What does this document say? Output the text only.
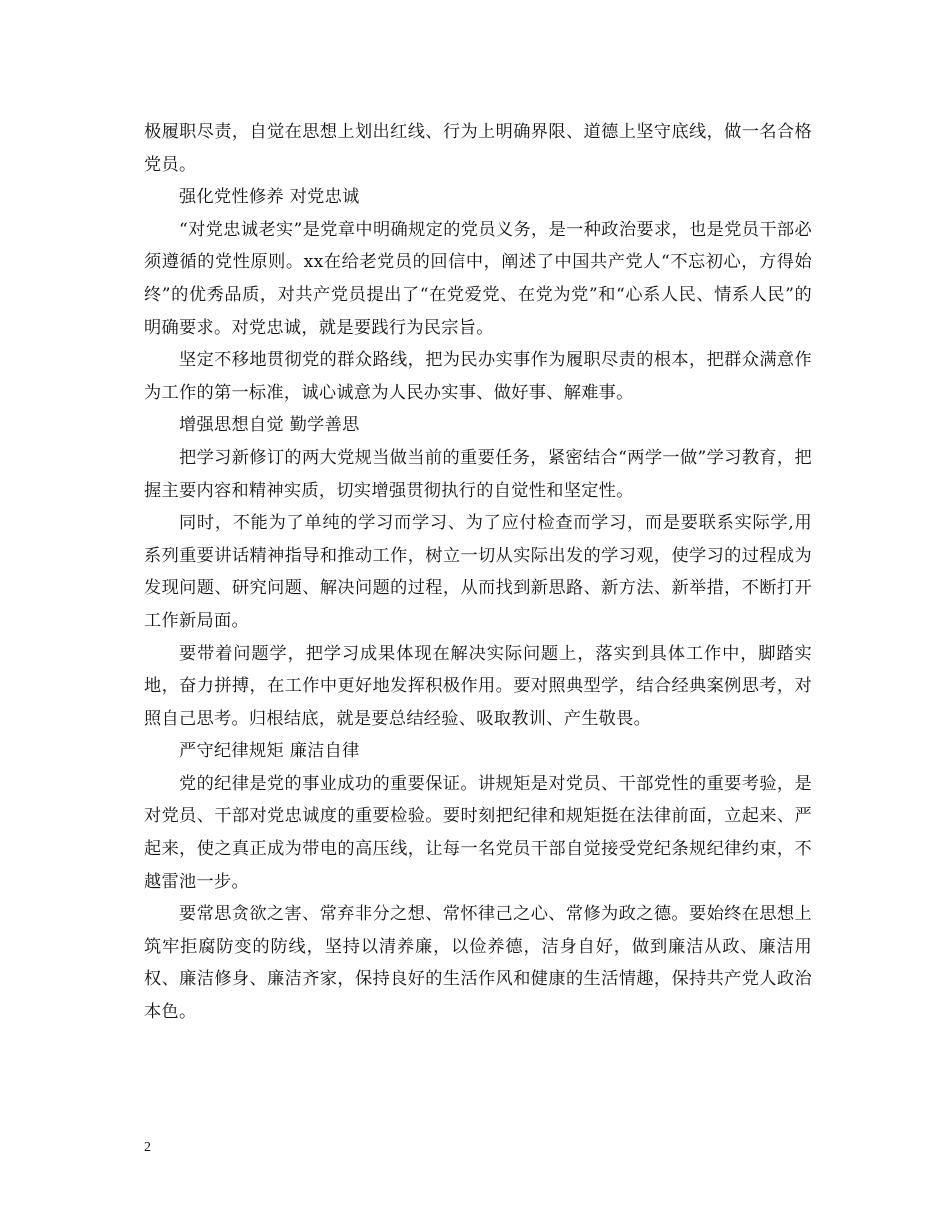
极履职尽责，自觉在思想上划出红线、行为上明确界限、道德上坚守底线，做一名合格党员。

强化党性修养 对党忠诚

“对党忠诚老实”是党章中明确规定的党员义务，是一种政治要求，也是党员干部必须遵循的党性原则。xx在给老党员的回信中，阐述了中国共产党人“不忘初心，方得始终”的优秀品质，对共产党员提出了“在党爱党、在党为党”和“心系人民、情系人民”的明确要求。对党忠诚，就是要践行为民宗旨。

坚定不移地贯彻党的群众路线，把为民办实事作为履职尽责的根本，把群众满意作为工作的第一标准，诚心诚意为人民办实事、做好事、解难事。

增强思想自觉 勤学善思

把学习新修订的两大党规当做当前的重要任务，紧密结合“两学一做”学习教育，把握主要内容和精神实质，切实增强贯彻执行的自觉性和坚定性。

同时，不能为了单纯的学习而学习、为了应付检查而学习，而是要联系实际学,用系列重要讲话精神指导和推动工作，树立一切从实际出发的学习观，使学习的过程成为发现问题、研究问题、解决问题的过程，从而找到新思路、新方法、新举措，不断打开工作新局面。

要带着问题学，把学习成果体现在解决实际问题上，落实到具体工作中，脚踏实地，奋力拼搏，在工作中更好地发挥积极作用。要对照典型学，结合经典案例思考，对照自己思考。归根结底，就是要总结经验、吸取教训、产生敬畏。

严守纪律规矩 廉洁自律

党的纪律是党的事业成功的重要保证。讲规矩是对党员、干部党性的重要考验，是对党员、干部对党忠诚度的重要检验。要时刻把纪律和规矩挺在法律前面，立起来、严起来，使之真正成为带电的高压线，让每一名党员干部自觉接受党纪条规纪律约束，不越雷池一步。

要常思贪欲之害、常弃非分之想、常怀律己之心、常修为政之德。要始终在思想上筑牢拒腐防变的防线，坚持以清养廉，以俭养德，洁身自好，做到廉洁从政、廉洁用权、廉洁修身、廉洁齐家，保持良好的生活作风和健康的生活情趣，保持共产党人政治本色。

2
